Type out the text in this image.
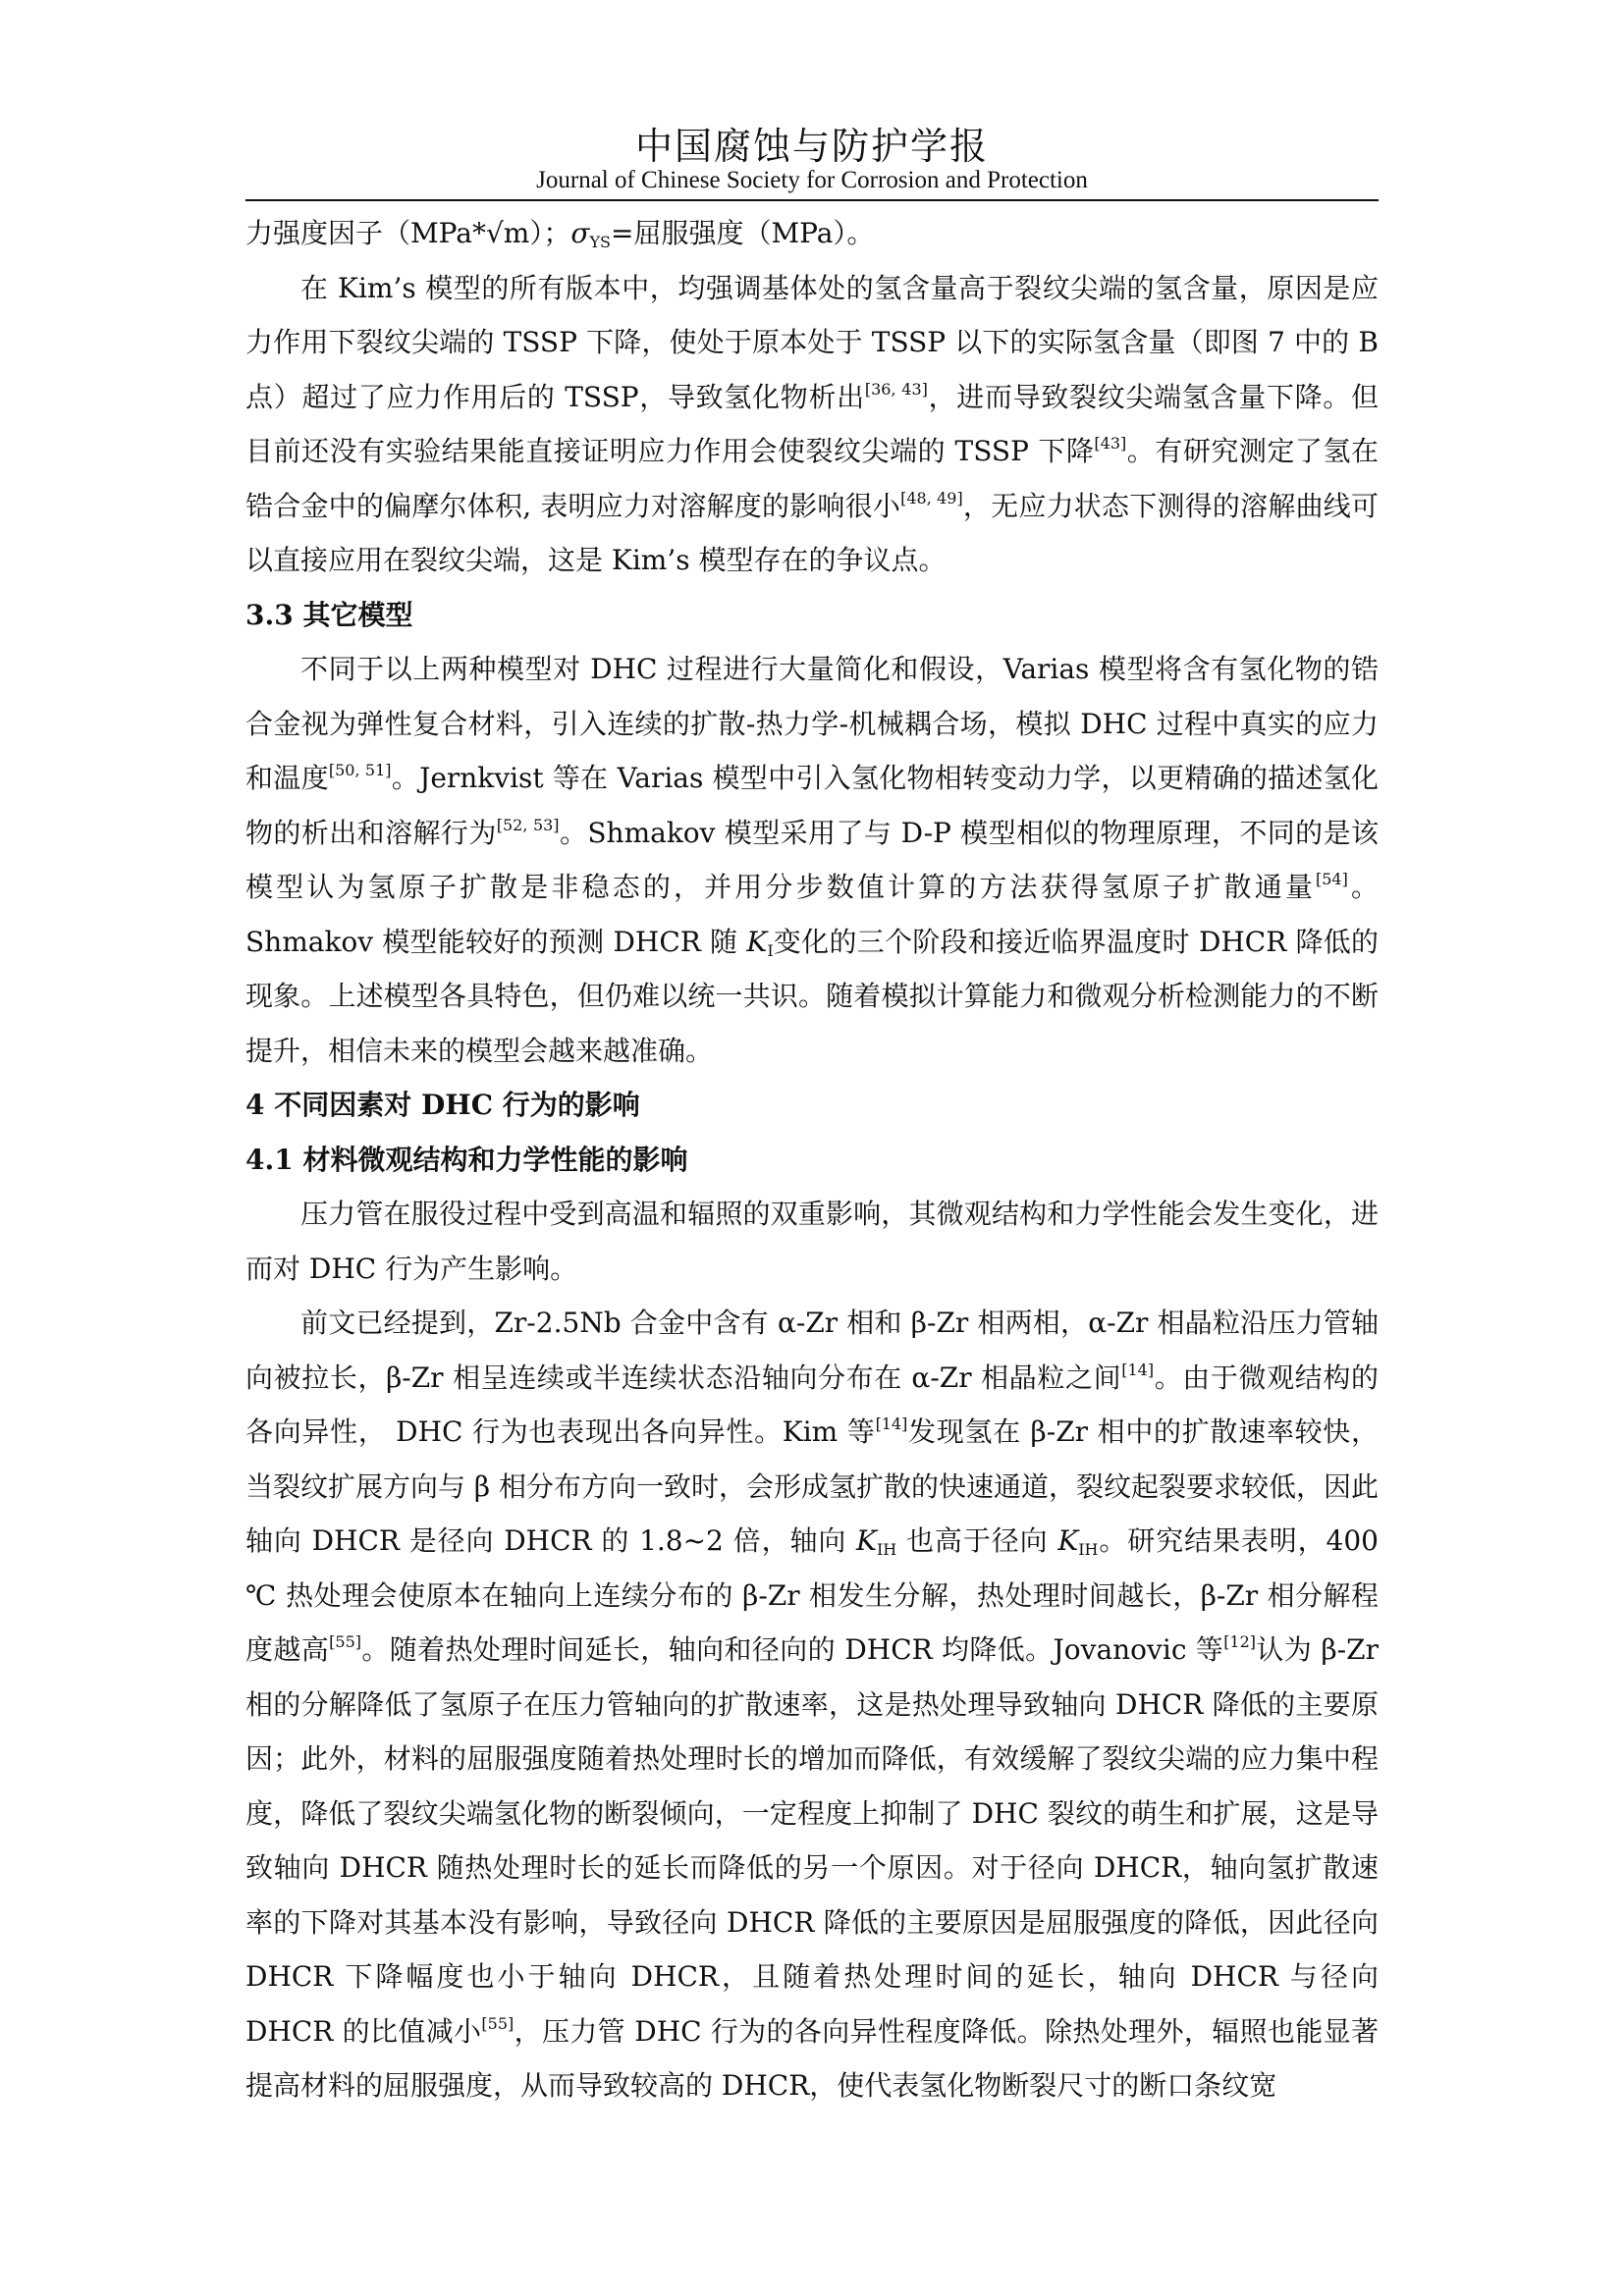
中国腐蚀与防护学报
Journal of Chinese Society for Corrosion and Protection

力强度因子（MPa*√m）；$\sigma_{YS}=$屈服强度（MPa）。

在 Kim’s 模型的所有版本中，均强调基体处的氢含量高于裂纹尖端的氢含量，原因是应力作用下裂纹尖端的 TSSP 下降，使处于原本处于 TSSP 以下的实际氢含量（即图 7 中的 B 点）超过了应力作用后的 TSSP，导致氢化物析出[36, 43]，进而导致裂纹尖端氢含量下降。但目前还没有实验结果能直接证明应力作用会使裂纹尖端的 TSSP 下降[43]。有研究测定了氢在锆合金中的偏摩尔体积, 表明应力对溶解度的影响很小[48, 49]，无应力状态下测得的溶解曲线可以直接应用在裂纹尖端，这是 Kim’s 模型存在的争议点。

3.3 其它模型

不同于以上两种模型对 DHC 过程进行大量简化和假设，Varias 模型将含有氢化物的锆合金视为弹性复合材料，引入连续的扩散-热力学-机械耦合场，模拟 DHC 过程中真实的应力和温度[50, 51]。Jernkvist 等在 Varias 模型中引入氢化物相转变动力学，以更精确的描述氢化物的析出和溶解行为[52, 53]。Shmakov 模型采用了与 D-P 模型相似的物理原理，不同的是该模型认为氢原子扩散是非稳态的，并用分步数值计算的方法获得氢原子扩散通量[54]。Shmakov 模型能较好的预测 DHCR 随 $K_I$变化的三个阶段和接近临界温度时 DHCR 降低的现象。上述模型各具特色，但仍难以统一共识。随着模拟计算能力和微观分析检测能力的不断提升，相信未来的模型会越来越准确。

4 不同因素对 DHC 行为的影响
4.1 材料微观结构和力学性能的影响

压力管在服役过程中受到高温和辐照的双重影响，其微观结构和力学性能会发生变化，进而对 DHC 行为产生影响。

前文已经提到，Zr-2.5Nb 合金中含有 α-Zr 相和 β-Zr 相两相，α-Zr 相晶粒沿压力管轴向被拉长，β-Zr 相呈连续或半连续状态沿轴向分布在 α-Zr 相晶粒之间[14]。由于微观结构的各向异性， DHC 行为也表现出各向异性。Kim 等[14]发现氢在 β-Zr 相中的扩散速率较快，当裂纹扩展方向与 β 相分布方向一致时，会形成氢扩散的快速通道，裂纹起裂要求较低，因此轴向 DHCR 是径向 DHCR 的 1.8~2 倍，轴向 $K_{IH}$ 也高于径向 $K_{IH}$。研究结果表明，400 ℃ 热处理会使原本在轴向上连续分布的 β-Zr 相发生分解，热处理时间越长，β-Zr 相分解程度越高[55]。随着热处理时间延长，轴向和径向的 DHCR 均降低。Jovanovic 等[12]认为 β-Zr 相的分解降低了氢原子在压力管轴向的扩散速率，这是热处理导致轴向 DHCR 降低的主要原因；此外，材料的屈服强度随着热处理时长的增加而降低，有效缓解了裂纹尖端的应力集中程度，降低了裂纹尖端氢化物的断裂倾向，一定程度上抑制了 DHC 裂纹的萌生和扩展，这是导致轴向 DHCR 随热处理时长的延长而降低的另一个原因。对于径向 DHCR，轴向氢扩散速率的下降对其基本没有影响，导致径向 DHCR 降低的主要原因是屈服强度的降低，因此径向 DHCR 下降幅度也小于轴向 DHCR，且随着热处理时间的延长，轴向 DHCR 与径向 DHCR 的比值减小[55]，压力管 DHC 行为的各向异性程度降低。除热处理外，辐照也能显著提高材料的屈服强度，从而导致较高的 DHCR，使代表氢化物断裂尺寸的断口条纹宽
